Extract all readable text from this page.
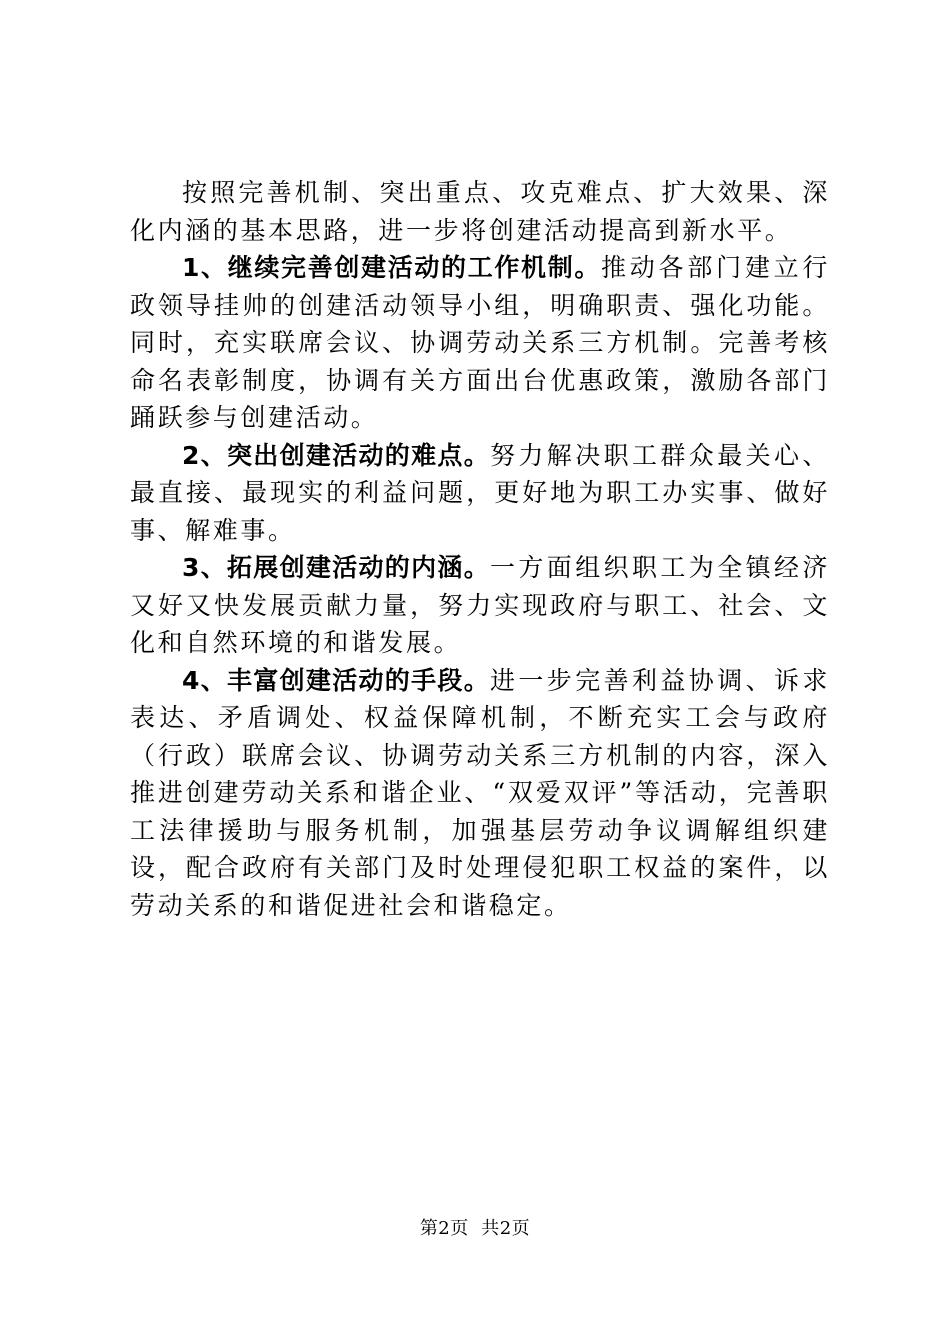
按照完善机制、突出重点、攻克难点、扩大效果、深化内涵的基本思路，进一步将创建活动提高到新水平。

1、继续完善创建活动的工作机制。推动各部门建立行政领导挂帅的创建活动领导小组，明确职责、强化功能。同时，充实联席会议、协调劳动关系三方机制。完善考核命名表彰制度，协调有关方面出台优惠政策，激励各部门踊跃参与创建活动。

2、突出创建活动的难点。努力解决职工群众最关心、最直接、最现实的利益问题，更好地为职工办实事、做好事、解难事。

3、拓展创建活动的内涵。一方面组织职工为全镇经济又好又快发展贡献力量，努力实现政府与职工、社会、文化和自然环境的和谐发展。

4、丰富创建活动的手段。进一步完善利益协调、诉求表达、矛盾调处、权益保障机制，不断充实工会与政府（行政）联席会议、协调劳动关系三方机制的内容，深入推进创建劳动关系和谐企业、“双爱双评”等活动，完善职工法律援助与服务机制，加强基层劳动争议调解组织建设，配合政府有关部门及时处理侵犯职工权益的案件，以劳动关系的和谐促进社会和谐稳定。

第2页  共2页
